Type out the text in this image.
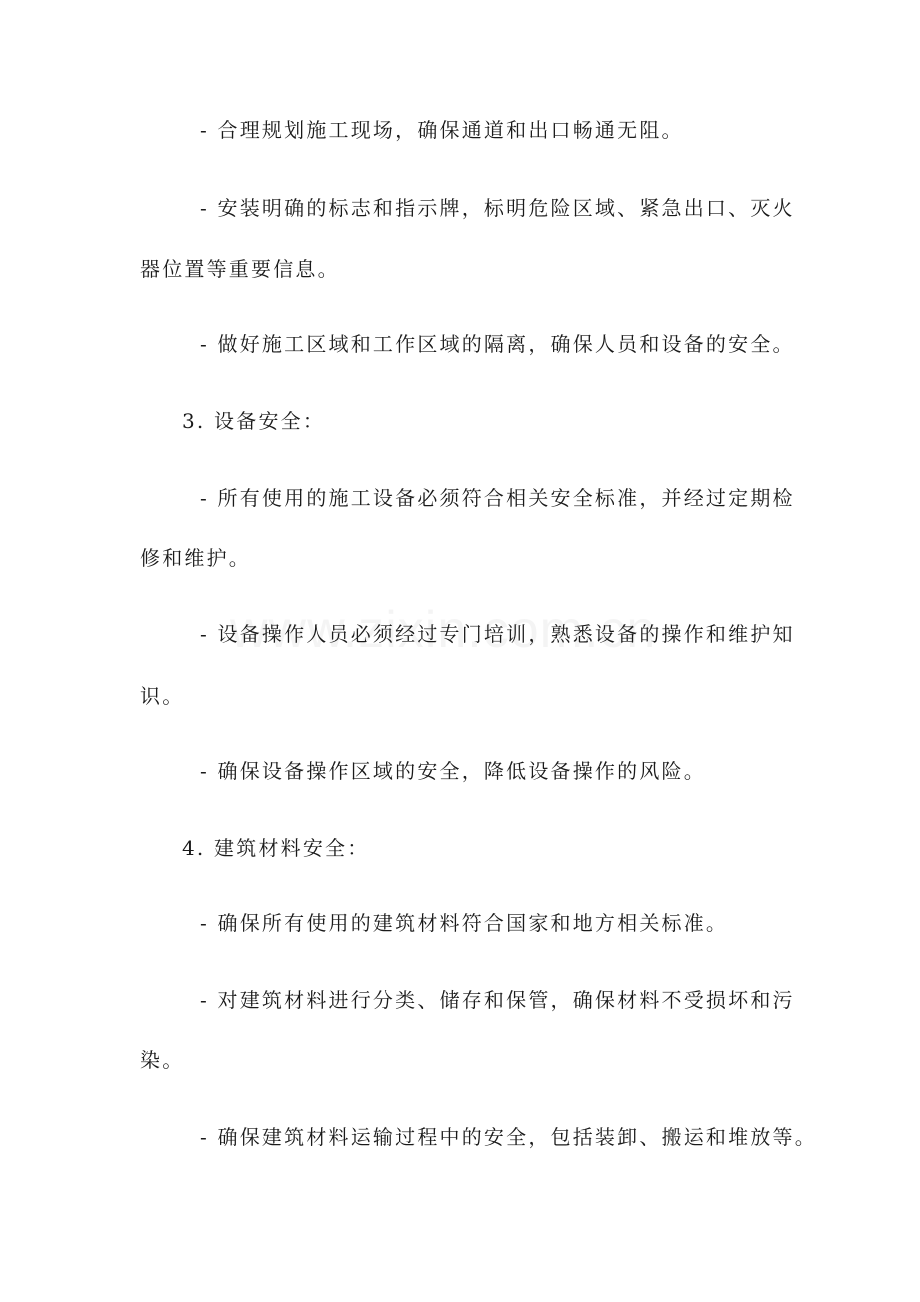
- 合理规划施工现场，确保通道和出口畅通无阻。
- 安装明确的标志和指示牌，标明危险区域、紧急出口、灭火
器位置等重要信息。
- 做好施工区域和工作区域的隔离，确保人员和设备的安全。
3. 设备安全：
- 所有使用的施工设备必须符合相关安全标准，并经过定期检
修和维护。
- 设备操作人员必须经过专门培训，熟悉设备的操作和维护知
识。
- 确保设备操作区域的安全，降低设备操作的风险。
4. 建筑材料安全：
- 确保所有使用的建筑材料符合国家和地方相关标准。
- 对建筑材料进行分类、储存和保管，确保材料不受损坏和污
染。
- 确保建筑材料运输过程中的安全，包括装卸、搬运和堆放等。
